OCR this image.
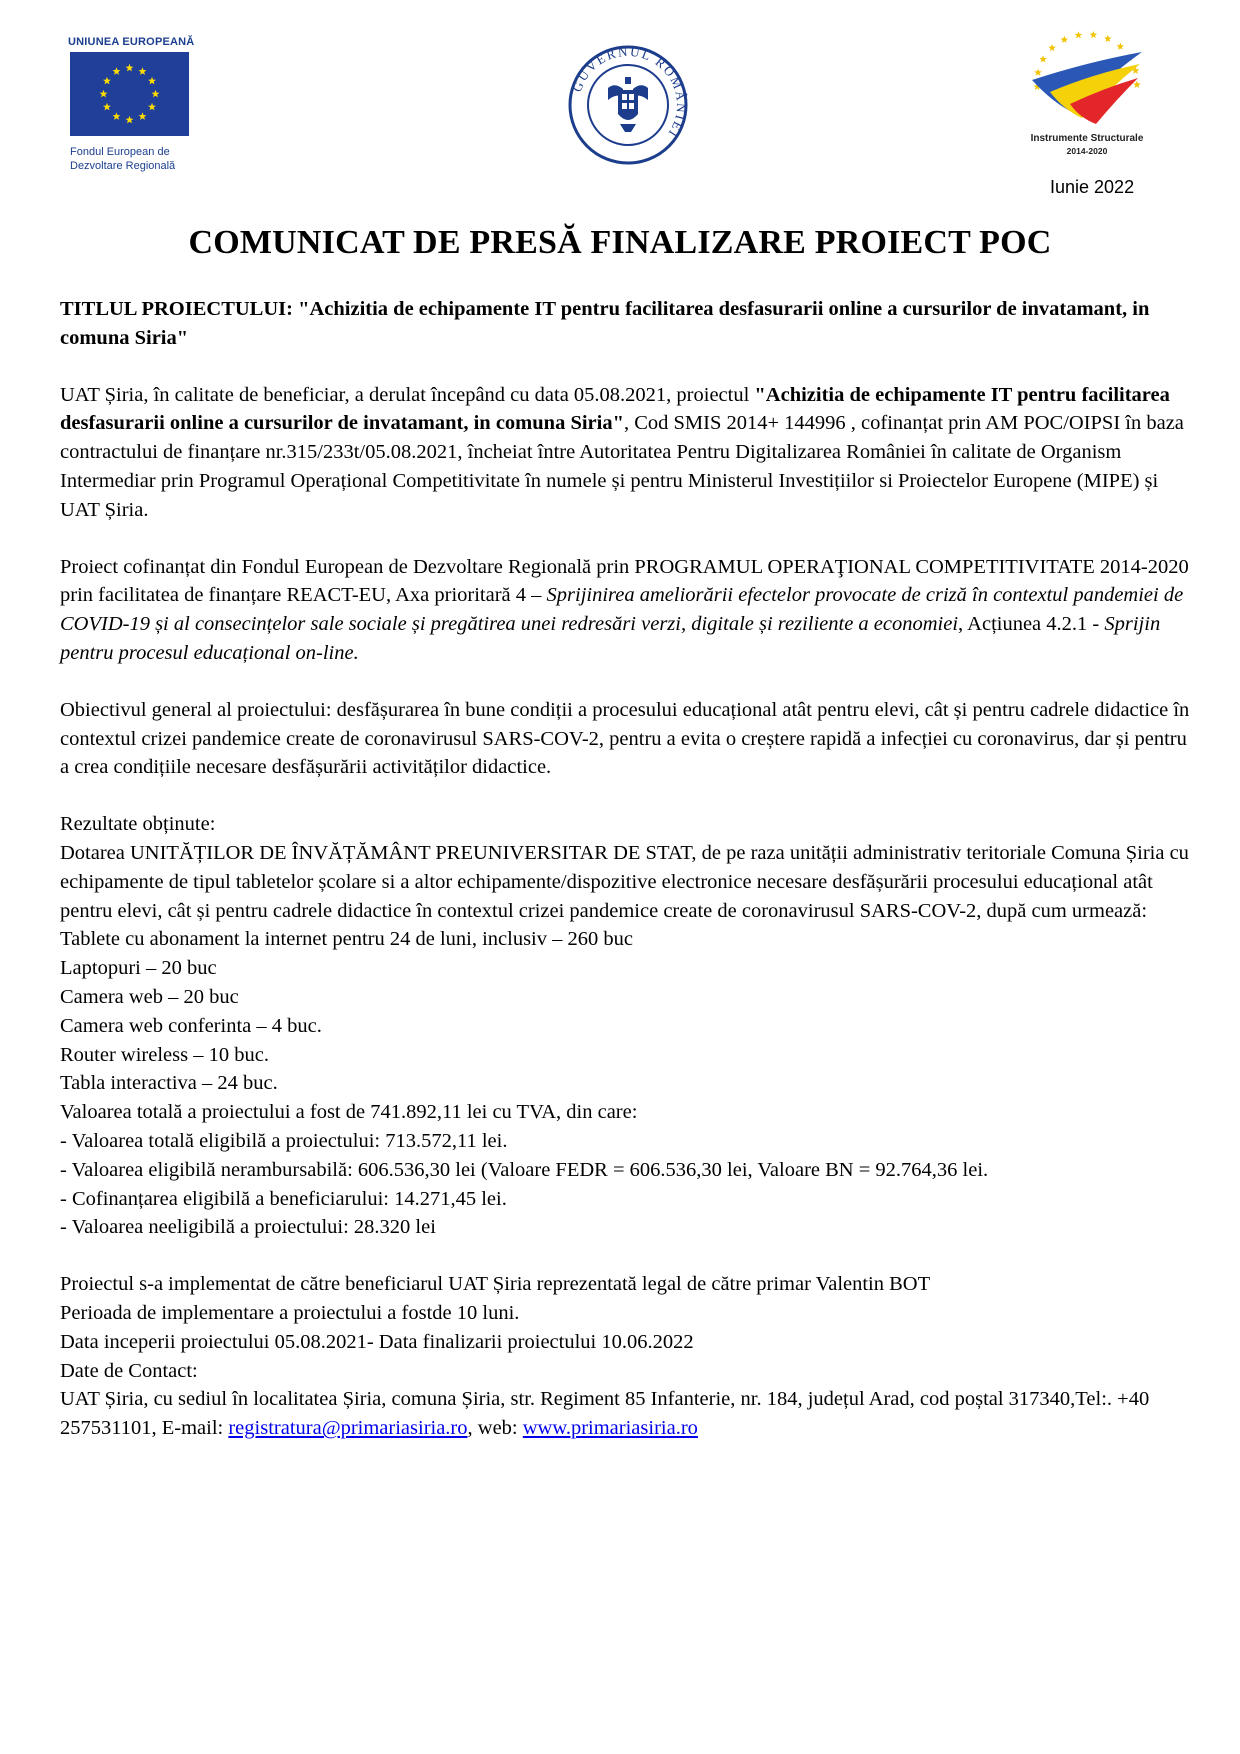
UNIUNEA EUROPEANĂ
Fondul European de
Dezvoltare Regională
GUVERNUL ROMÂNIEI	Instrumente Structurale
2014-2020
Iunie 2022
COMUNICAT DE PRESĂ FINALIZARE PROIECT POC

TITLUL PROIECTULUI: "Achizitia de echipamente IT pentru facilitarea desfasurarii online a cursurilor de invatamant, in comuna Siria"

UAT Șiria, în calitate de beneficiar, a derulat începând cu data 05.08.2021, proiectul "Achizitia de echipamente IT pentru facilitarea desfasurarii online a cursurilor de invatamant, in comuna Siria", Cod SMIS 2014+ 144996 , cofinanțat prin AM POC/OIPSI în baza contractului de finanțare nr.315/233t/05.08.2021, încheiat între Autoritatea Pentru Digitalizarea României în calitate de Organism Intermediar prin Programul Operațional Competitivitate în numele și pentru Ministerul Investițiilor si Proiectelor Europene (MIPE) și UAT Șiria.

Proiect cofinanțat din Fondul European de Dezvoltare Regională prin PROGRAMUL OPERAŢIONAL COMPETITIVITATE 2014-2020 prin facilitatea de finanțare REACT-EU, Axa prioritară 4 – Sprijinirea ameliorării efectelor provocate de criză în contextul pandemiei de COVID-19 și al consecințelor sale sociale și pregătirea unei redresări verzi, digitale și reziliente a economiei, Acțiunea 4.2.1 - Sprijin pentru procesul educațional on-line.

Obiectivul general al proiectului: desfășurarea în bune condiții a procesului educațional atât pentru elevi, cât și pentru cadrele didactice în contextul crizei pandemice create de coronavirusul SARS-COV-2, pentru a evita o creștere rapidă a infecției cu coronavirus, dar și pentru a crea condițiile necesare desfășurării activităților didactice.

Rezultate obținute:

Dotarea UNITĂȚILOR DE ÎNVĂȚĂMÂNT PREUNIVERSITAR DE STAT, de pe raza unității administrativ teritoriale Comuna Șiria cu echipamente de tipul tabletelor școlare si a altor echipamente/dispozitive electronice necesare desfășurării procesului educațional atât pentru elevi, cât și pentru cadrele didactice în contextul crizei pandemice create de coronavirusul SARS-COV-2, după cum urmează:

Tablete cu abonament la internet pentru 24 de luni, inclusiv – 260 buc

Laptopuri – 20 buc

Camera web – 20 buc

Camera web conferinta – 4 buc.

Router wireless – 10 buc.

Tabla interactiva – 24 buc.

Valoarea totală a proiectului a fost de 741.892,11 lei cu TVA, din care:

- Valoarea totală eligibilă a proiectului: 713.572,11 lei.

- Valoarea eligibilă nerambursabilă: 606.536,30 lei (Valoare FEDR = 606.536,30 lei, Valoare BN = 92.764,36 lei.

- Cofinanțarea eligibilă a beneficiarului: 14.271,45 lei.

- Valoarea neeligibilă a proiectului: 28.320 lei

Proiectul s-a implementat de către beneficiarul UAT Șiria reprezentată legal de către primar Valentin BOT

Perioada de implementare a proiectului a fostde 10 luni.

Data inceperii proiectului 05.08.2021- Data finalizarii proiectului 10.06.2022

Date de Contact:

UAT Șiria, cu sediul în localitatea Șiria, comuna Șiria, str. Regiment 85 Infanterie, nr. 184, județul Arad, cod poștal 317340,Tel:. +40 257531101, E-mail: registratura@primariasiria.ro, web: www.primariasiria.ro
